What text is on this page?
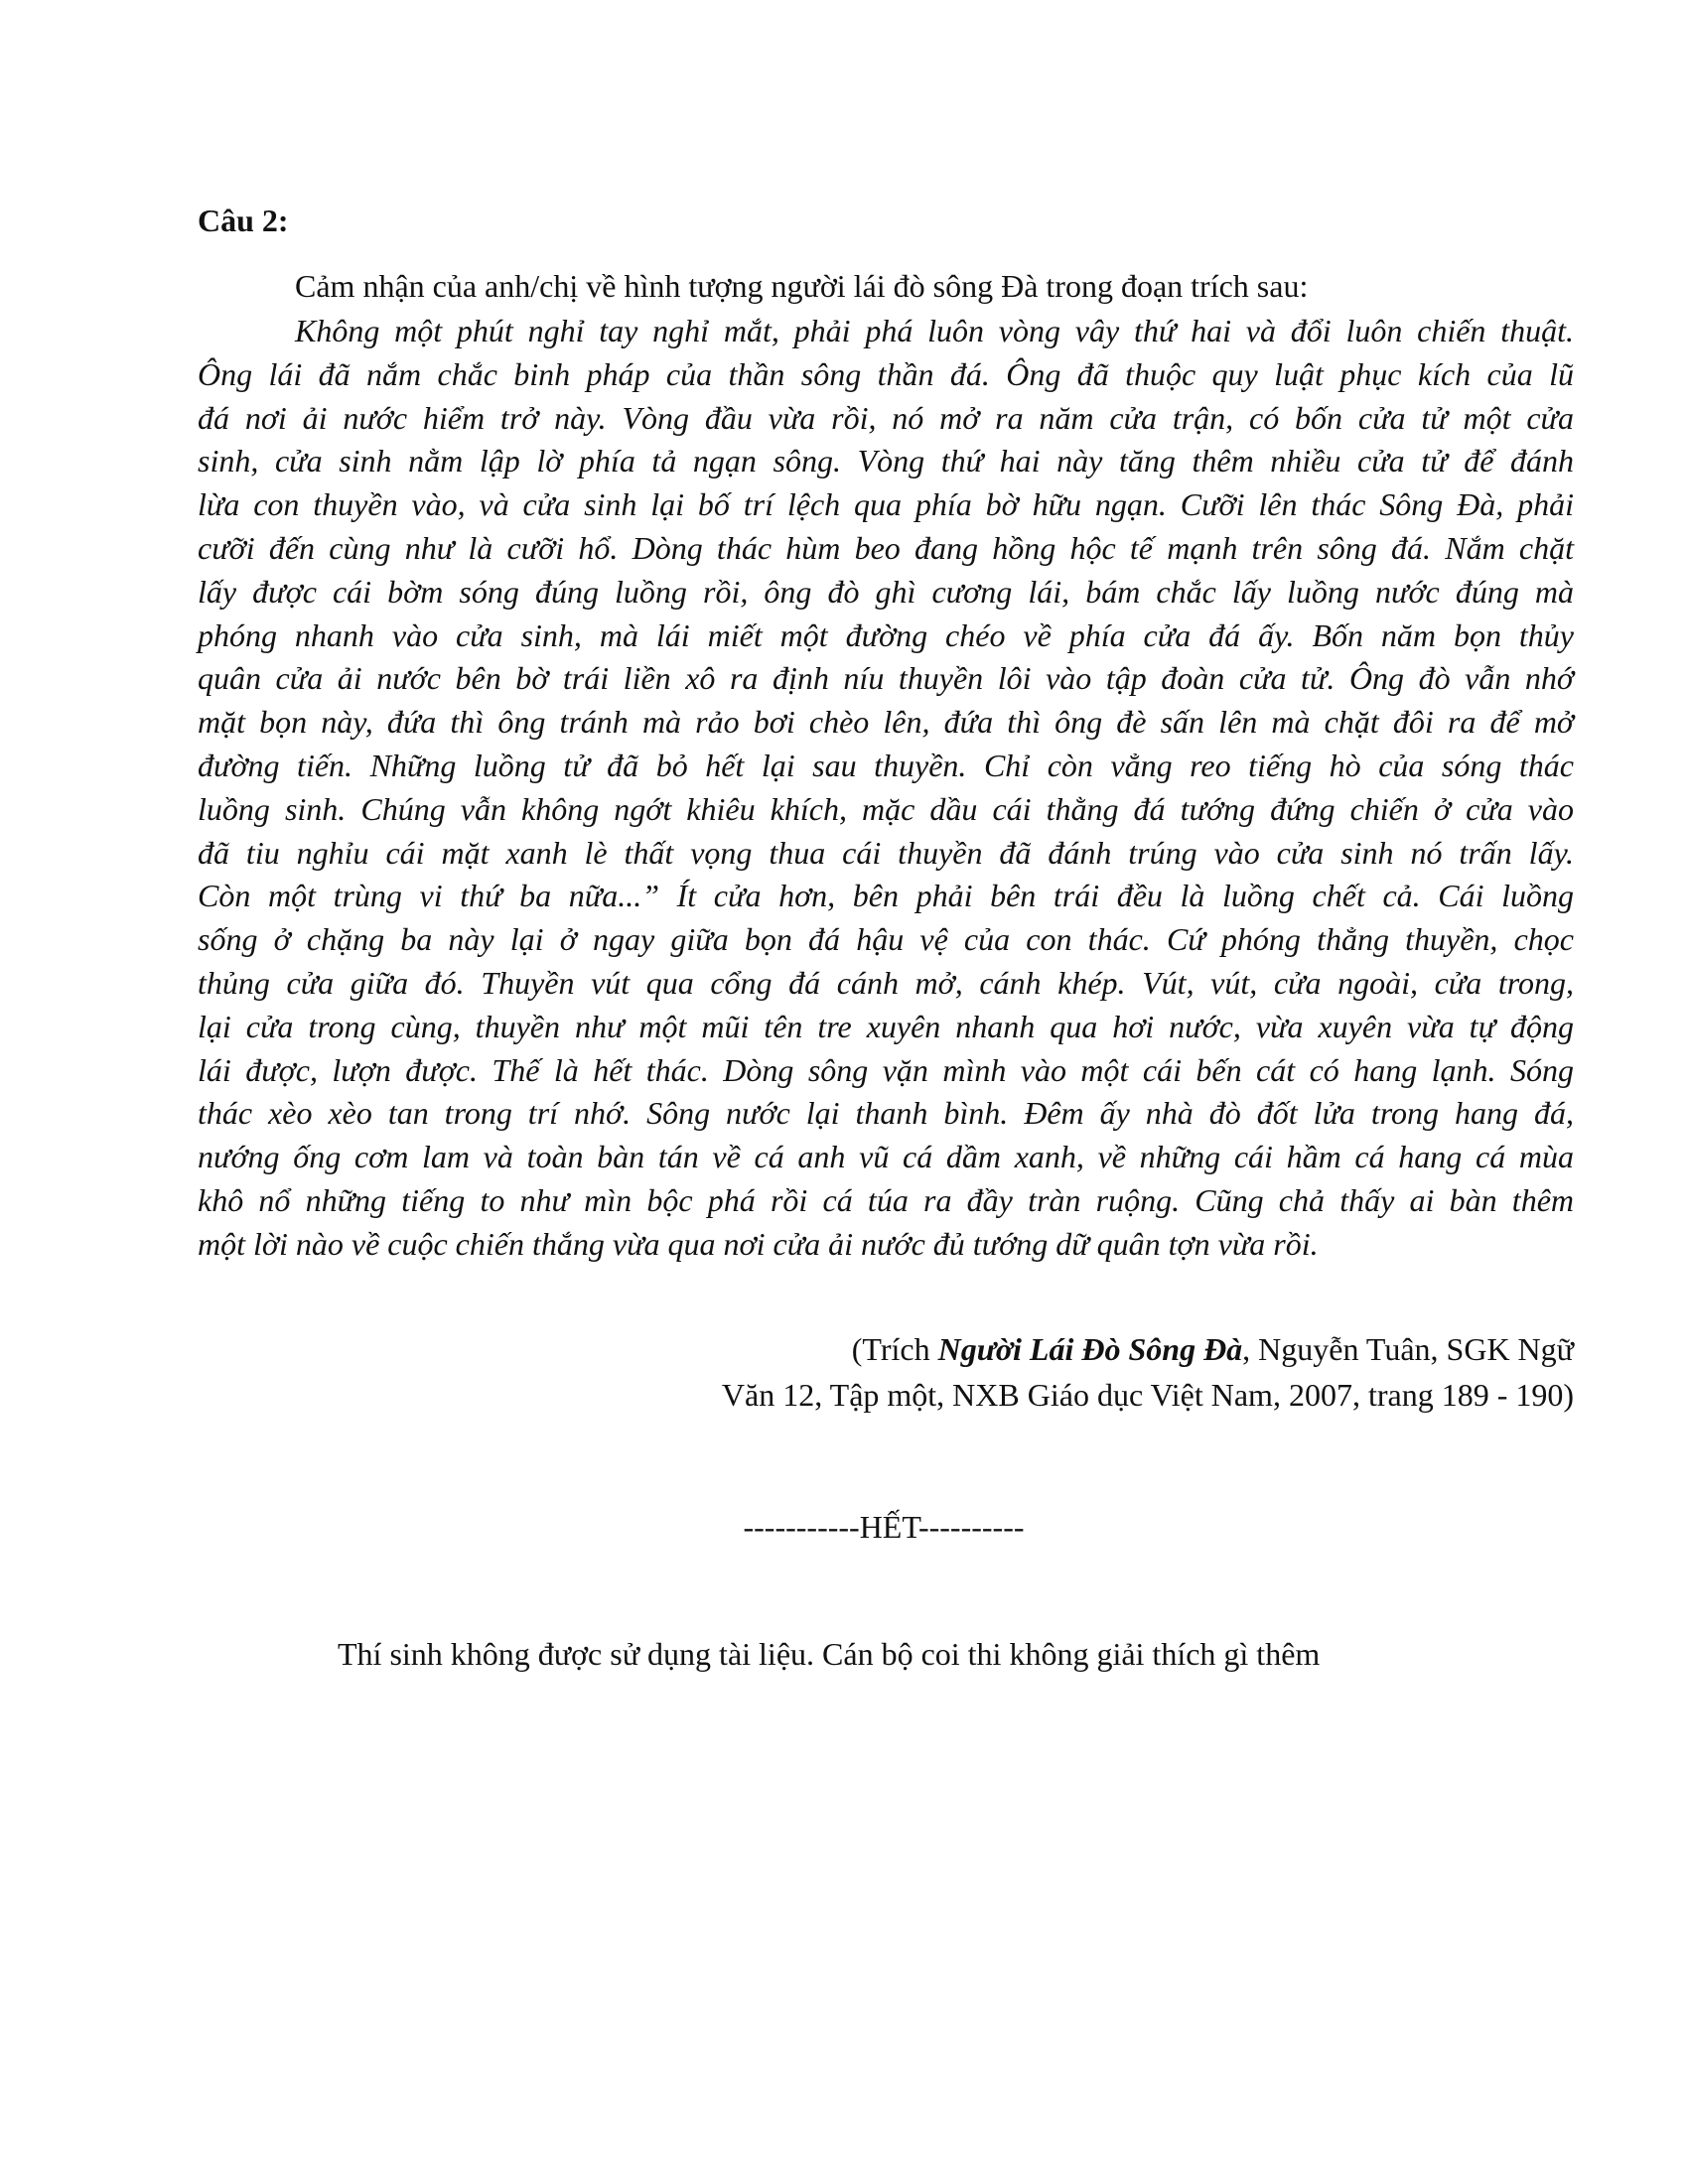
Câu 2:

Cảm nhận của anh/chị về hình tượng người lái đò sông Đà trong đoạn trích sau:

Không một phút nghỉ tay nghỉ mắt, phải phá luôn vòng vây thứ hai và đổi luôn chiến thuật.
Ông lái đã nắm chắc binh pháp của thần sông thần đá. Ông đã thuộc quy luật phục kích của lũ
đá nơi ải nước hiểm trở này. Vòng đầu vừa rồi, nó mở ra năm cửa trận, có bốn cửa tử một cửa
sinh, cửa sinh nằm lập lờ phía tả ngạn sông. Vòng thứ hai này tăng thêm nhiều cửa tử để đánh
lừa con thuyền vào, và cửa sinh lại bố trí lệch qua phía bờ hữu ngạn. Cưỡi lên thác Sông Đà, phải
cưỡi đến cùng như là cưỡi hổ. Dòng thác hùm beo đang hồng hộc tế mạnh trên sông đá. Nắm chặt
lấy được cái bờm sóng đúng luồng rồi, ông đò ghì cương lái, bám chắc lấy luồng nước đúng mà
phóng nhanh vào cửa sinh, mà lái miết một đường chéo về phía cửa đá ấy. Bốn năm bọn thủy
quân cửa ải nước bên bờ trái liền xô ra định níu thuyền lôi vào tập đoàn cửa tử. Ông đò vẫn nhớ
mặt bọn này, đứa thì ông tránh mà rảo bơi chèo lên, đứa thì ông đè sấn lên mà chặt đôi ra để mở
đường tiến. Những luồng tử đã bỏ hết lại sau thuyền. Chỉ còn vẳng reo tiếng hò của sóng thác
luồng sinh. Chúng vẫn không ngớt khiêu khích, mặc dầu cái thằng đá tướng đứng chiến ở cửa vào
đã tiu nghỉu cái mặt xanh lè thất vọng thua cái thuyền đã đánh trúng vào cửa sinh nó trấn lấy.
Còn một trùng vi thứ ba nữa...” Ít cửa hơn, bên phải bên trái đều là luồng chết cả. Cái luồng
sống ở chặng ba này lại ở ngay giữa bọn đá hậu vệ của con thác. Cứ phóng thẳng thuyền, chọc
thủng cửa giữa đó. Thuyền vút qua cổng đá cánh mở, cánh khép. Vút, vút, cửa ngoài, cửa trong,
lại cửa trong cùng, thuyền như một mũi tên tre xuyên nhanh qua hơi nước, vừa xuyên vừa tự động
lái được, lượn được. Thế là hết thác. Dòng sông vặn mình vào một cái bến cát có hang lạnh. Sóng
thác xèo xèo tan trong trí nhớ. Sông nước lại thanh bình. Đêm ấy nhà đò đốt lửa trong hang đá,
nướng ống cơm lam và toàn bàn tán về cá anh vũ cá dầm xanh, về những cái hầm cá hang cá mùa
khô nổ những tiếng to như mìn bộc phá rồi cá túa ra đầy tràn ruộng. Cũng chả thấy ai bàn thêm
một lời nào về cuộc chiến thắng vừa qua nơi cửa ải nước đủ tướng dữ quân tợn vừa rồi.

(Trích Người Lái Đò Sông Đà, Nguyễn Tuân, SGK Ngữ
Văn 12, Tập một, NXB Giáo dục Việt Nam, 2007, trang 189 - 190)

-----------HẾT----------

Thí sinh không được sử dụng tài liệu. Cán bộ coi thi không giải thích gì thêm
